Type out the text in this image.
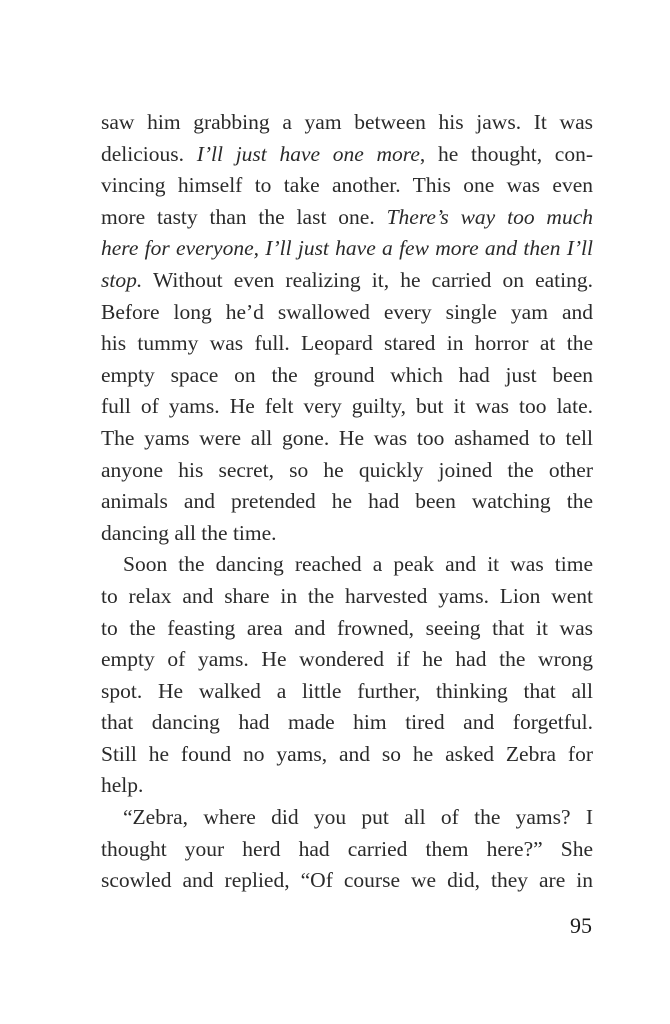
saw him grabbing a yam between his jaws. It was
delicious. I’ll just have one more, he thought, con-
vincing himself to take another. This one was even
more tasty than the last one. There’s way too much
here for everyone, I’ll just have a few more and then I’ll
stop. Without even realizing it, he carried on eating.
Before long he’d swallowed every single yam and
his tummy was full. Leopard stared in horror at the
empty space on the ground which had just been
full of yams. He felt very guilty, but it was too late.
The yams were all gone. He was too ashamed to tell
anyone his secret, so he quickly joined the other
animals and pretended he had been watching the
dancing all the time.
Soon the dancing reached a peak and it was time
to relax and share in the harvested yams. Lion went
to the feasting area and frowned, seeing that it was
empty of yams. He wondered if he had the wrong
spot. He walked a little further, thinking that all
that dancing had made him tired and forgetful.
Still he found no yams, and so he asked Zebra for
help.
“Zebra, where did you put all of the yams? I
thought your herd had carried them here?” She
scowled and replied, “Of course we did, they are in
95
